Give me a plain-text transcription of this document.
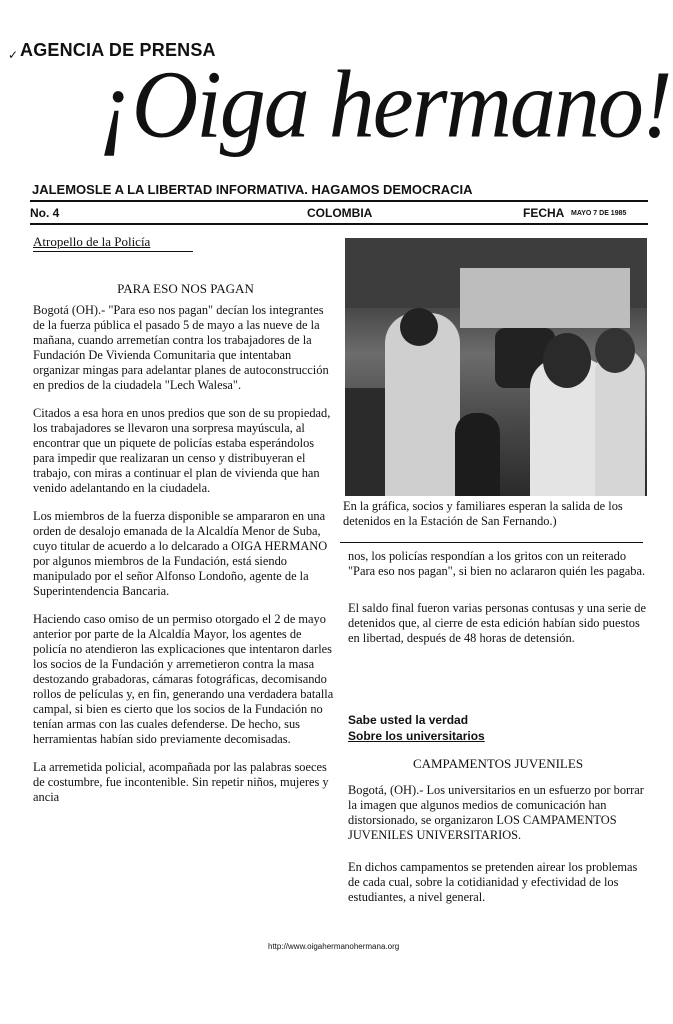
✓ AGENCIA DE PRENSA
¡Oiga hermano!
JALEMOSLE A LA LIBERTAD INFORMATIVA. HAGAMOS DEMOCRACIA
No. 4	COLOMBIA	FECHA MAYO 7 DE 1985
Atropello de la Policía
PARA ESO NOS PAGAN

Bogotá (OH).- "Para eso nos pagan" decían los integrantes de la fuerza pública el pasado 5 de mayo a las nueve de la mañana, cuando arremetían contra los trabajadores de la Fundación De Vivienda Comunitaria que intentaban organizar mingas para adelantar planes de autoconstrucción en predios de la ciudadela "Lech Walesa".

Citados a esa hora en unos predios que son de su propiedad, los trabajadores se llevaron una sorpresa mayúscula, al encontrar que un piquete de policías estaba esperándolos para impedir que realizaran un censo y distribuyeran el trabajo, con miras a continuar el plan de vivienda que han venido adelantando en la ciudadela.

Los miembros de la fuerza disponible se ampararon en una orden de desalojo emanada de la Alcaldía Menor de Suba, cuyo titular de acuerdo a lo delcarado a OIGA HERMANO por algunos miembros de la Fundación, está siendo manipulado por el señor Alfonso Londoño, agente de la Superintendencia Bancaria.

Haciendo caso omiso de un permiso otorgado el 2 de mayo anterior por parte de la Alcaldía Mayor, los agentes de policía no atendieron las explicaciones que intentaron darles los socios de la Fundación y arremetieron contra la masa destozando grabadoras, cámaras fotográficas, decomisando rollos de películas y, en fin, generando una verdadera batalla campal, si bien es cierto que los socios de la Fundación no tenían armas con las cuales defenderse. De hecho, sus herramientas habían sido previamente decomisadas.

La arremetida policial, acompañada por las palabras soeces de costumbre, fue incontenible. Sin repetir niños, mujeres y ancia

En la gráfica, socios y familiares esperan la salida de los detenidos en la Estación de San Fernando.)

nos, los policías respondían a los gritos con un reiterado "Para eso nos pagan", si bien no aclararon quién les pagaba.

El saldo final fueron varias personas contusas y una serie de detenidos que, al cierre de esta edición habían sido puestos en libertad, después de 48 horas de detensión.

Sabe usted la verdad
Sobre los universitarios
CAMPAMENTOS JUVENILES

Bogotá, (OH).- Los universitarios en un esfuerzo por borrar la imagen que algunos medios de comunicación han distorsionado, se organizaron LOS CAMPAMENTOS JUVENILES UNIVERSITARIOS.

En dichos campamentos se pretenden airear los problemas de cada cual, sobre la cotidianidad y efectividad de los estudiantes, a nivel general.

http://www.oigahermanohermana.org
